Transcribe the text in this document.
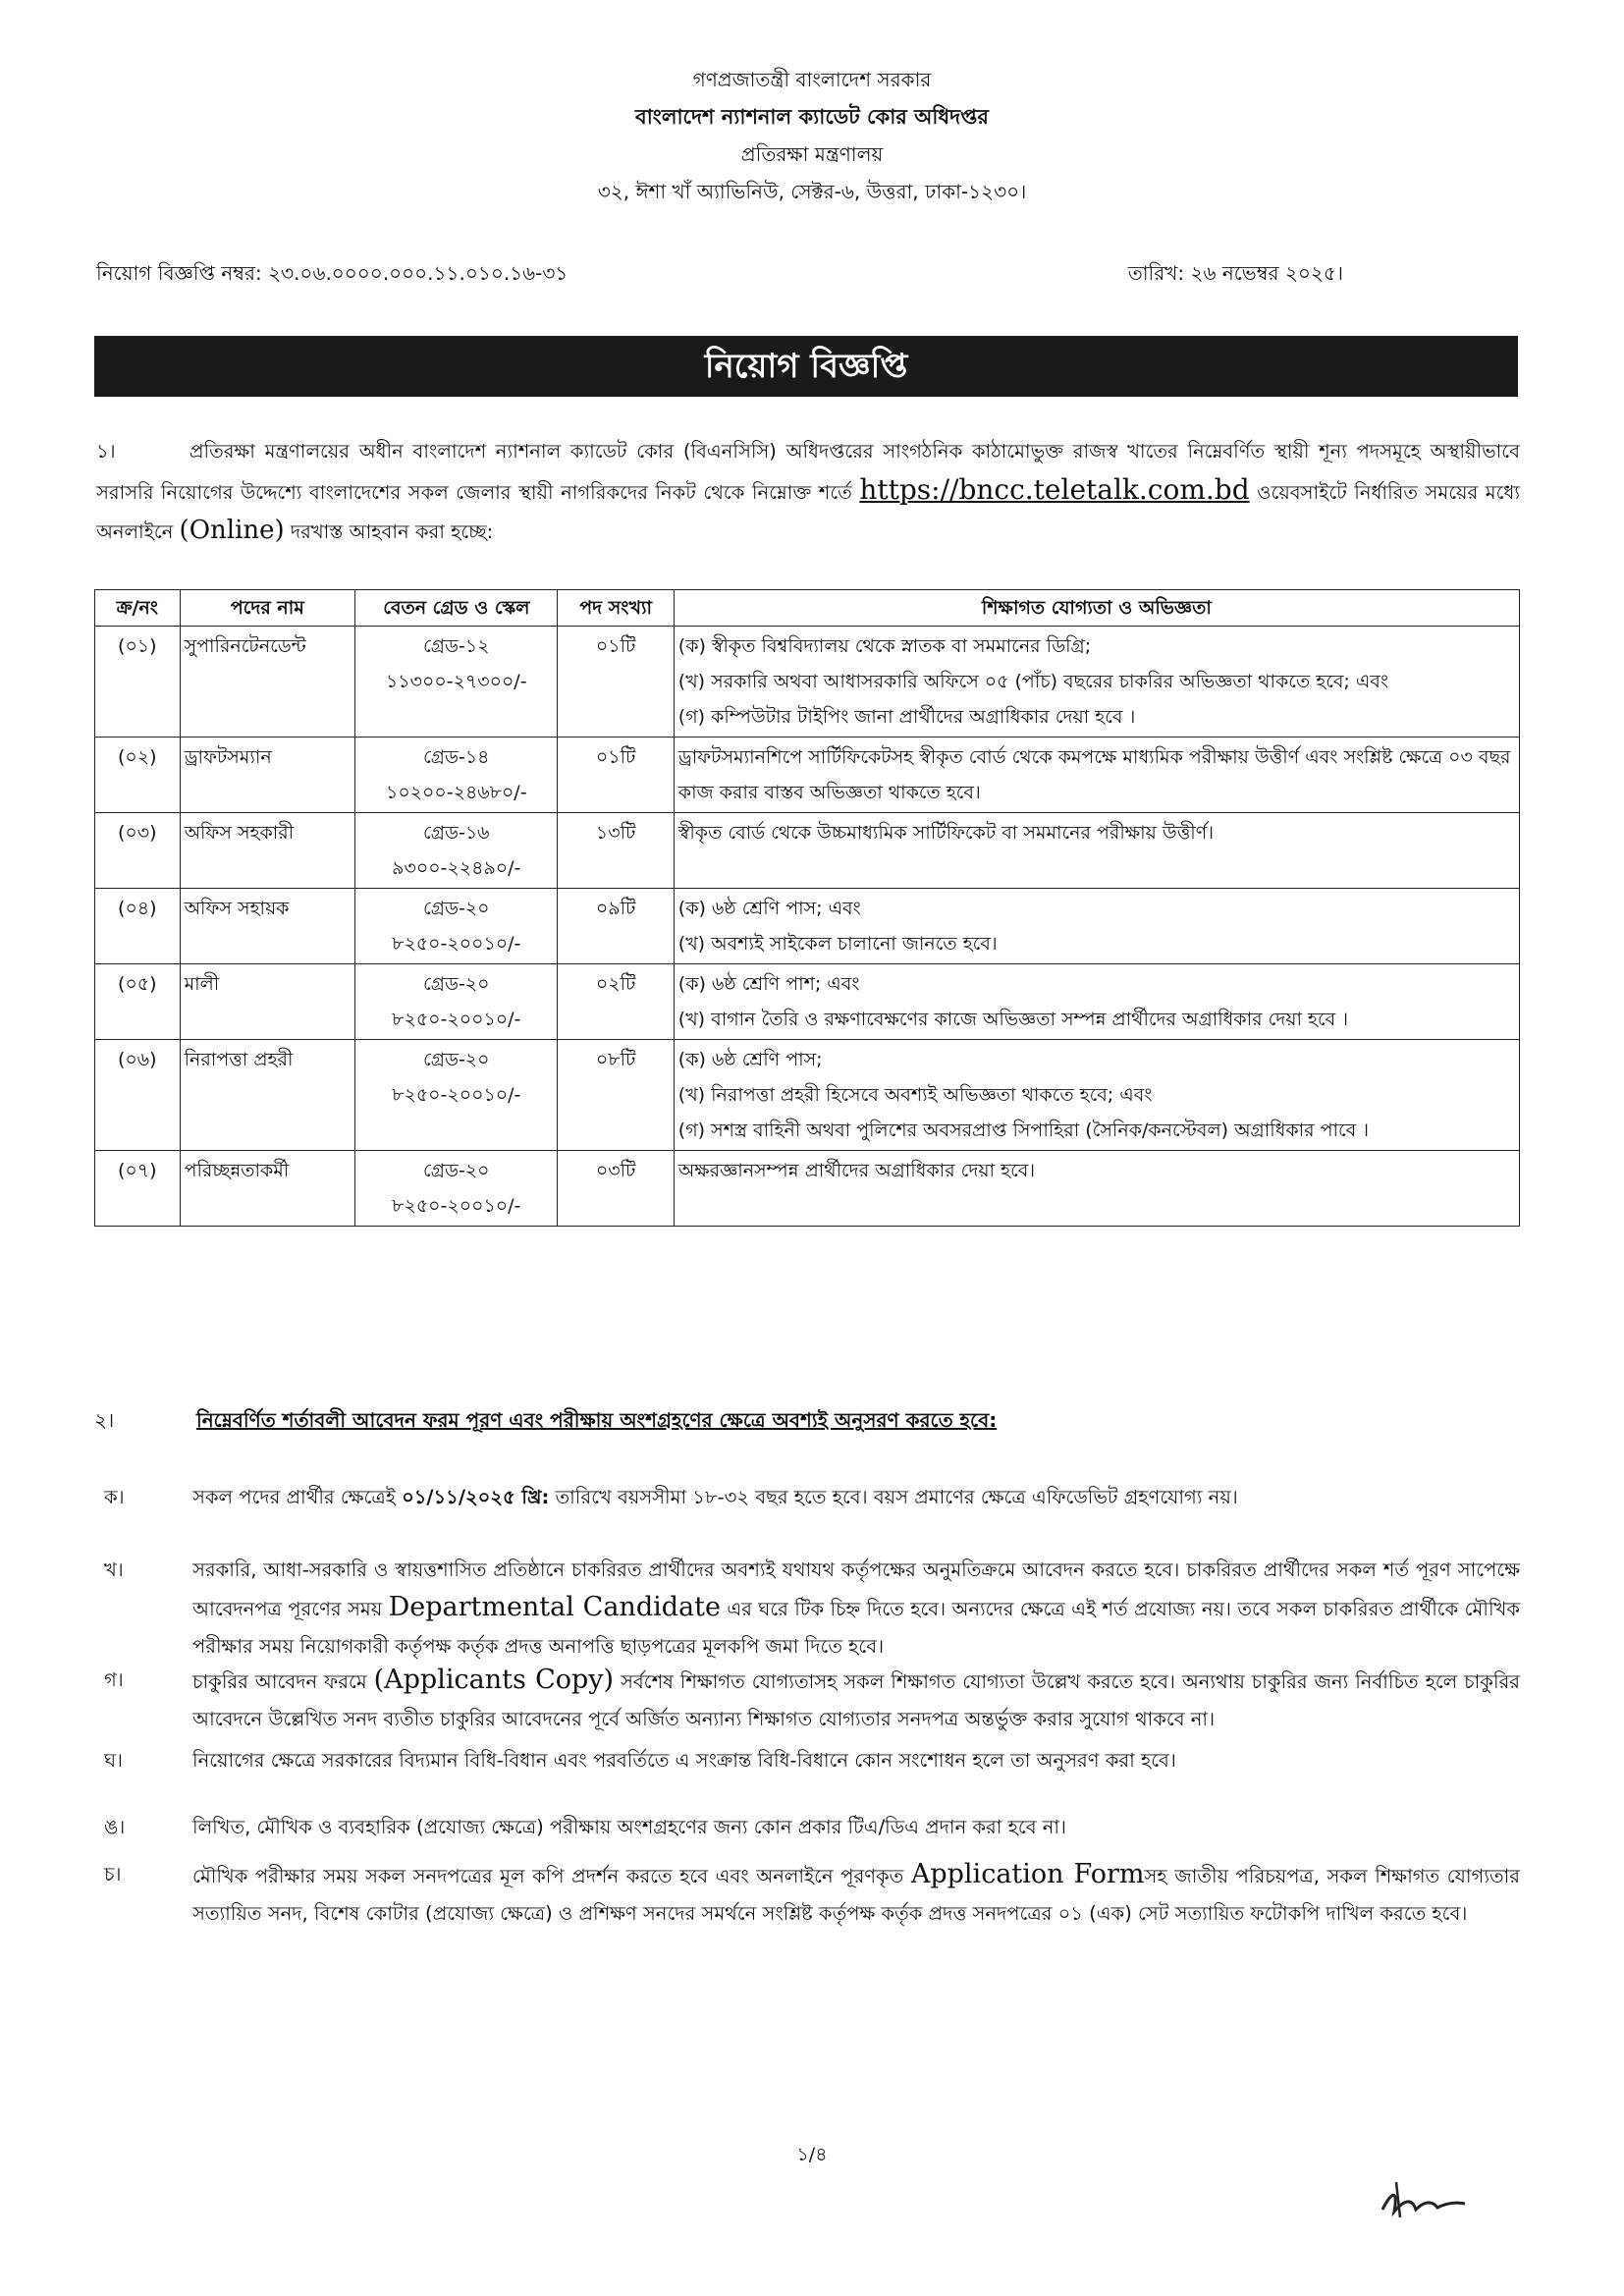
গণপ্রজাতন্ত্রী বাংলাদেশ সরকার
বাংলাদেশ ন্যাশনাল ক্যাডেট কোর অধিদপ্তর
প্রতিরক্ষা মন্ত্রণালয়
৩২, ঈশা খাঁ অ্যাভিনিউ, সেক্টর-৬, উত্তরা, ঢাকা-১২৩০।
নিয়োগ বিজ্ঞপ্তি নম্বর: ২৩.০৬.০০০০.০০০.১১.০১০.১৬-৩১	তারিখ: ২৬ নভেম্বর ২০২৫।
নিয়োগ বিজ্ঞপ্তি
১।	প্রতিরক্ষা মন্ত্রণালয়ের অধীন বাংলাদেশ ন্যাশনাল ক্যাডেট কোর (বিএনসিসি) অধিদপ্তরের সাংগঠনিক কাঠামোভুক্ত রাজস্ব খাতের নিম্নেবর্ণিত স্থায়ী শূন্য পদসমূহে অস্থায়ীভাবে সরাসরি নিয়োগের উদ্দেশ্যে বাংলাদেশের সকল জেলার স্থায়ী নাগরিকদের নিকট থেকে নিম্নোক্ত শর্তে https://bncc.teletalk.com.bd ওয়েবসাইটে নির্ধারিত সময়ের মধ্যে অনলাইনে (Online) দরখাস্ত আহবান করা হচ্ছে:
ক্র/নং	পদের নাম	বেতন গ্রেড ও স্কেল	পদ সংখ্যা	শিক্ষাগত যোগ্যতা ও অভিজ্ঞতা
(০১)	সুপারিনটেনডেন্ট	গ্রেড-১২
১১৩০০-২৭৩০০/-	০১টি	(ক) স্বীকৃত বিশ্ববিদ্যালয় থেকে স্নাতক বা সমমানের ডিগ্রি;
(খ) সরকারি অথবা আধাসরকারি অফিসে ০৫ (পাঁচ) বছরের চাকরির অভিজ্ঞতা থাকতে হবে; এবং
(গ) কম্পিউটার টাইপিং জানা প্রার্থীদের অগ্রাধিকার দেয়া হবে ।

(০২)	ড্রাফটসম্যান	গ্রেড-১৪
১০২০০-২৪৬৮০/-	০১টি	ড্রাফটসম্যানশিপে সার্টিফিকেটসহ স্বীকৃত বোর্ড থেকে কমপক্ষে মাধ্যমিক পরীক্ষায় উত্তীর্ণ এবং সংশ্লিষ্ট ক্ষেত্রে ০৩ বছর কাজ করার বাস্তব অভিজ্ঞতা থাকতে হবে।

(০৩)	অফিস সহকারী	গ্রেড-১৬
৯৩০০-২২৪৯০/-	১৩টি	স্বীকৃত বোর্ড থেকে উচ্চমাধ্যমিক সার্টিফিকেট বা সমমানের পরীক্ষায় উত্তীর্ণ।

(০৪)	অফিস সহায়ক	গ্রেড-২০
৮২৫০-২০০১০/-	০৯টি	(ক) ৬ষ্ঠ শ্রেণি পাস; এবং
(খ) অবশ্যই সাইকেল চালানো জানতে হবে।

(০৫)	মালী	গ্রেড-২০
৮২৫০-২০০১০/-	০২টি	(ক) ৬ষ্ঠ শ্রেণি পাশ; এবং
(খ) বাগান তৈরি ও রক্ষণাবেক্ষণের কাজে অভিজ্ঞতা সম্পন্ন প্রার্থীদের অগ্রাধিকার দেয়া হবে ।

(০৬)	নিরাপত্তা প্রহরী	গ্রেড-২০
৮২৫০-২০০১০/-	০৮টি	(ক) ৬ষ্ঠ শ্রেণি পাস;
(খ) নিরাপত্তা প্রহরী হিসেবে অবশ্যই অভিজ্ঞতা থাকতে হবে; এবং
(গ) সশস্ত্র বাহিনী অথবা পুলিশের অবসরপ্রাপ্ত সিপাহিরা (সৈনিক/কনস্টেবল) অগ্রাধিকার পাবে ।

(০৭)	পরিচ্ছন্নতাকর্মী	গ্রেড-২০
৮২৫০-২০০১০/-	০৩টি	অক্ষরজ্ঞানসম্পন্ন প্রার্থীদের অগ্রাধিকার দেয়া হবে।
২।	নিম্নেবর্ণিত শর্তাবলী আবেদন ফরম পূরণ এবং পরীক্ষায় অংশগ্রহণের ক্ষেত্রে অবশ্যই অনুসরণ করতে হবে:
ক।	সকল পদের প্রার্থীর ক্ষেত্রেই ০১/১১/২০২৫ খ্রি: তারিখে বয়সসীমা ১৮-৩২ বছর হতে হবে। বয়স প্রমাণের ক্ষেত্রে এফিডেভিট গ্রহণযোগ্য নয়।
খ।	সরকারি, আধা-সরকারি ও স্বায়ত্তশাসিত প্রতিষ্ঠানে চাকরিরত প্রার্থীদের অবশ্যই যথাযথ কর্তৃপক্ষের অনুমতিক্রমে আবেদন করতে হবে। চাকরিরত প্রার্থীদের সকল শর্ত পূরণ সাপেক্ষে আবেদনপত্র পূরণের সময় Departmental Candidate এর ঘরে টিক চিহ্ন দিতে হবে। অন্যদের ক্ষেত্রে এই শর্ত প্রযোজ্য নয়। তবে সকল চাকরিরত প্রার্থীকে মৌখিক পরীক্ষার সময় নিয়োগকারী কর্তৃপক্ষ কর্তৃক প্রদত্ত অনাপত্তি ছাড়পত্রের মূলকপি জমা দিতে হবে।
গ।	চাকুরির আবেদন ফরমে (Applicants Copy) সর্বশেষ শিক্ষাগত যোগ্যতাসহ সকল শিক্ষাগত যোগ্যতা উল্লেখ করতে হবে। অন্যথায় চাকুরির জন্য নির্বাচিত হলে চাকুরির আবেদনে উল্লেখিত সনদ ব্যতীত চাকুরির আবেদনের পূর্বে অর্জিত অন্যান্য শিক্ষাগত যোগ্যতার সনদপত্র অন্তর্ভুক্ত করার সুযোগ থাকবে না।
ঘ।	নিয়োগের ক্ষেত্রে সরকারের বিদ্যমান বিধি-বিধান এবং পরবর্তিতে এ সংক্রান্ত বিধি-বিধানে কোন সংশোধন হলে তা অনুসরণ করা হবে।
ঙ।	লিখিত, মৌখিক ও ব্যবহারিক (প্রযোজ্য ক্ষেত্রে) পরীক্ষায় অংশগ্রহণের জন্য কোন প্রকার টিএ/ডিএ প্রদান করা হবে না।
চ।	মৌখিক পরীক্ষার সময় সকল সনদপত্রের মূল কপি প্রদর্শন করতে হবে এবং অনলাইনে পূরণকৃত Application Formসহ জাতীয় পরিচয়পত্র, সকল শিক্ষাগত যোগ্যতার সত্যায়িত সনদ, বিশেষ কোটার (প্রযোজ্য ক্ষেত্রে) ও প্রশিক্ষণ সনদের সমর্থনে সংশ্লিষ্ট কর্তৃপক্ষ কর্তৃক প্রদত্ত সনদপত্রের ০১ (এক) সেট সত্যায়িত ফটোকপি দাখিল করতে হবে।
১/৪
